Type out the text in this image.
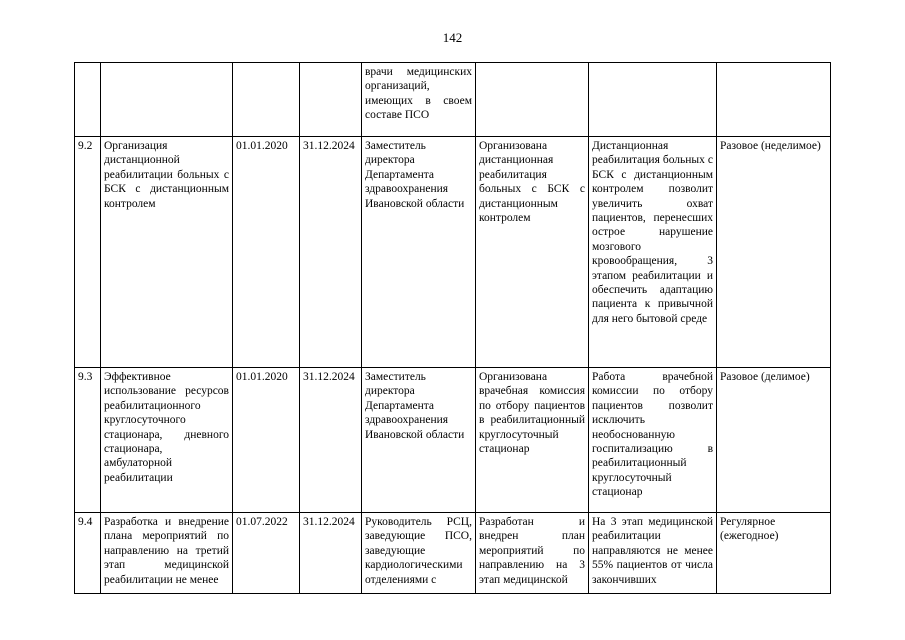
142
				врачи медицинских организаций, имеющих в своем составе ПСО			
9.2	Организация дистанционной реабилитации больных с БСК с дистанционным контролем	01.01.2020	31.12.2024	Заместитель директора Департамента здравоохранения Ивановской области	Организована дистанционная реабилитация больных с БСК с дистанционным контролем	Дистанционная реабилитация больных с БСК с дистанционным контролем позволит увеличить охват пациентов, перенесших острое нарушение мозгового кровообращения, 3 этапом реабилитации и обеспечить адаптацию пациента к привычной для него бытовой среде	Разовое (неделимое)
9.3	Эффективное использование ресурсов реабилитационного круглосуточного стационара, дневного стационара, амбулаторной реабилитации	01.01.2020	31.12.2024	Заместитель директора Департамента здравоохранения Ивановской области	Организована врачебная комиссия по отбору пациентов в реабилитационный круглосуточный стационар	Работа врачебной комиссии по отбору пациентов позволит исключить необоснованную госпитализацию в реабилитационный круглосуточный стационар	Разовое (делимое)
9.4	Разработка и внедрение плана мероприятий по направлению на третий этап медицинской реабилитации не менее	01.07.2022	31.12.2024	Руководитель РСЦ, заведующие ПСО, заведующие кардиологическими отделениями с	Разработан и внедрен план мероприятий по направлению на 3 этап медицинской	На 3 этап медицинской реабилитации направляются не менее 55% пациентов от числа закончивших	Регулярное (ежегодное)
